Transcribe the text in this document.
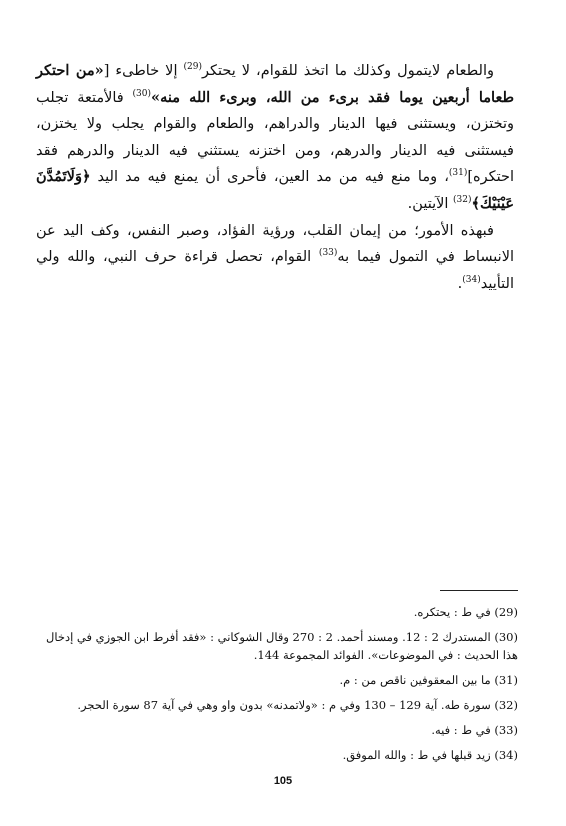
والطعام لايتمول وكذلك ما اتخذ للقوام، لا يحتكر$^{(29)}$ إلا خاطىء [«من احتكر طعاما أربعين يوما فقد برىء من الله، وبرىء الله منه»$^{(30)}$ فالأمتعة تجلب وتختزن، ويستثنى فيها الدينار والدراهم، والطعام والقوام يجلب ولا يختزن، فيستثنى فيه الدينار والدرهم، ومن اختزنه يستثني فيه الدينار والدرهم فقد احتكره]$^{(31)}$، وما منع فيه من مد العين، فأحرى أن يمنع فيه مد اليد ﴿وَلَاتَمُدَّنَ عَيْنَيْكَ﴾$^{(32)}$ الآيتين.

فبهذه الأمور؛ من إيمان القلب، ورؤية الفؤاد، وصبر النفس، وكف اليد عن الانبساط في التمول فيما به$^{(33)}$ القوام، تحصل قراءة حرف النبي، والله ولي التأييد$^{(34)}$.

(29) في ط : يحتكره.
(30) المستدرك 2 : 12. ومسند أحمد. 2 : 270 وقال الشوكاني : «فقد أفرط ابن الجوزي في إدخال هذا الحديث : في الموضوعات». الفوائد المجموعة 144.
(31) ما بين المعقوفين ناقص من : م.
(32) سورة طه. آية 129 – 130 وفي م : «ولاتمدنه» بدون واو وهي في آية 87 سورة الحجر.
(33) في ط : فيه.
(34) زيد قبلها في ط : والله الموفق.
105
